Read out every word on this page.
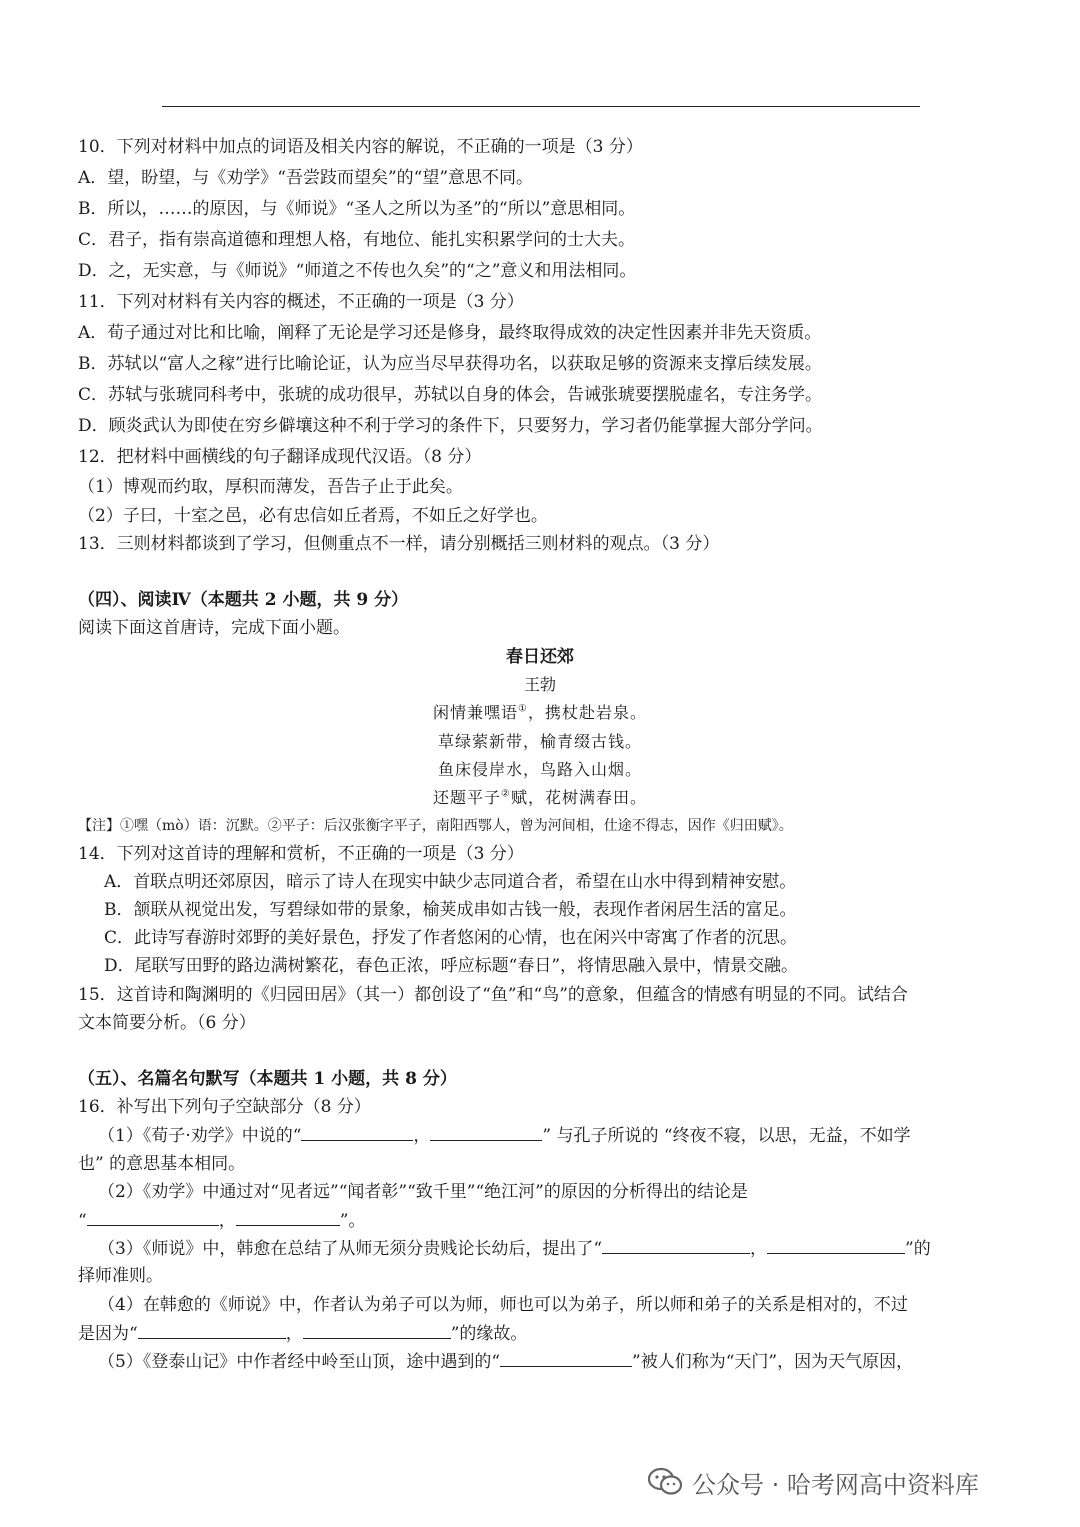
10．下列对材料中加点的词语及相关内容的解说，不正确的一项是（3 分）
A．望，盼望，与《劝学》“吾尝跂而望矣”的“望”意思不同。
B．所以，……的原因，与《师说》“圣人之所以为圣”的“所以”意思相同。
C．君子，指有崇高道德和理想人格，有地位、能扎实积累学问的士大夫。
D．之，无实意，与《师说》“师道之不传也久矣”的“之”意义和用法相同。
11．下列对材料有关内容的概述，不正确的一项是（3 分）
A．荀子通过对比和比喻，阐释了无论是学习还是修身，最终取得成效的决定性因素并非先天资质。
B．苏轼以“富人之稼”进行比喻论证，认为应当尽早获得功名，以获取足够的资源来支撑后续发展。
C．苏轼与张琥同科考中，张琥的成功很早，苏轼以自身的体会，告诫张琥要摆脱虚名，专注务学。
D．顾炎武认为即使在穷乡僻壤这种不利于学习的条件下，只要努力，学习者仍能掌握大部分学问。
12．把材料中画横线的句子翻译成现代汉语。（8 分）
（1）博观而约取，厚积而薄发，吾告子止于此矣。
（2）子曰，十室之邑，必有忠信如丘者焉，不如丘之好学也。
13．三则材料都谈到了学习，但侧重点不一样，请分别概括三则材料的观点。（3 分）
（四）、阅读Ⅳ（本题共 2 小题，共 9 分）
阅读下面这首唐诗，完成下面小题。
春日还郊
王勃
闲情兼嘿语①，携杖赴岩泉。
草绿萦新带，榆青缀古钱。
鱼床侵岸水，鸟路入山烟。
还题平子②赋，花树满春田。
【注】①嘿（mò）语：沉默。②平子：后汉张衡字平子，南阳西鄂人，曾为河间相，仕途不得志，因作《归田赋》。
14．下列对这首诗的理解和赏析，不正确的一项是（3 分）
A．首联点明还郊原因，暗示了诗人在现实中缺少志同道合者，希望在山水中得到精神安慰。
B．颔联从视觉出发，写碧绿如带的景象，榆荚成串如古钱一般，表现作者闲居生活的富足。
C．此诗写春游时郊野的美好景色，抒发了作者悠闲的心情，也在闲兴中寄寓了作者的沉思。
D．尾联写田野的路边满树繁花，春色正浓，呼应标题“春日”，将情思融入景中，情景交融。
15．这首诗和陶渊明的《归园田居》（其一）都创设了“鱼”和“鸟”的意象，但蕴含的情感有明显的不同。试结合
文本简要分析。（6 分）
（五）、名篇名句默写（本题共 1 小题，共 8 分）
16．补写出下列句子空缺部分（8 分）
（1）《荀子·劝学》中说的“	，	” 与孔子所说的 “终夜不寝，以思，无益，不如学
也” 的意思基本相同。
（2）《劝学》中通过对“见者远”“闻者彰”“致千里”“绝江河”的原因的分析得出的结论是
“	，	”。
（3）《师说》中，韩愈在总结了从师无须分贵贱论长幼后，提出了“	，	”的
择师准则。
（4）在韩愈的《师说》中，作者认为弟子可以为师，师也可以为弟子，所以师和弟子的关系是相对的，不过
是因为“	，	”的缘故。
（5）《登泰山记》中作者经中岭至山顶，途中遇到的“	”被人们称为“天门”，因为天气原因，
公众号 · 哈考网高中资料库
